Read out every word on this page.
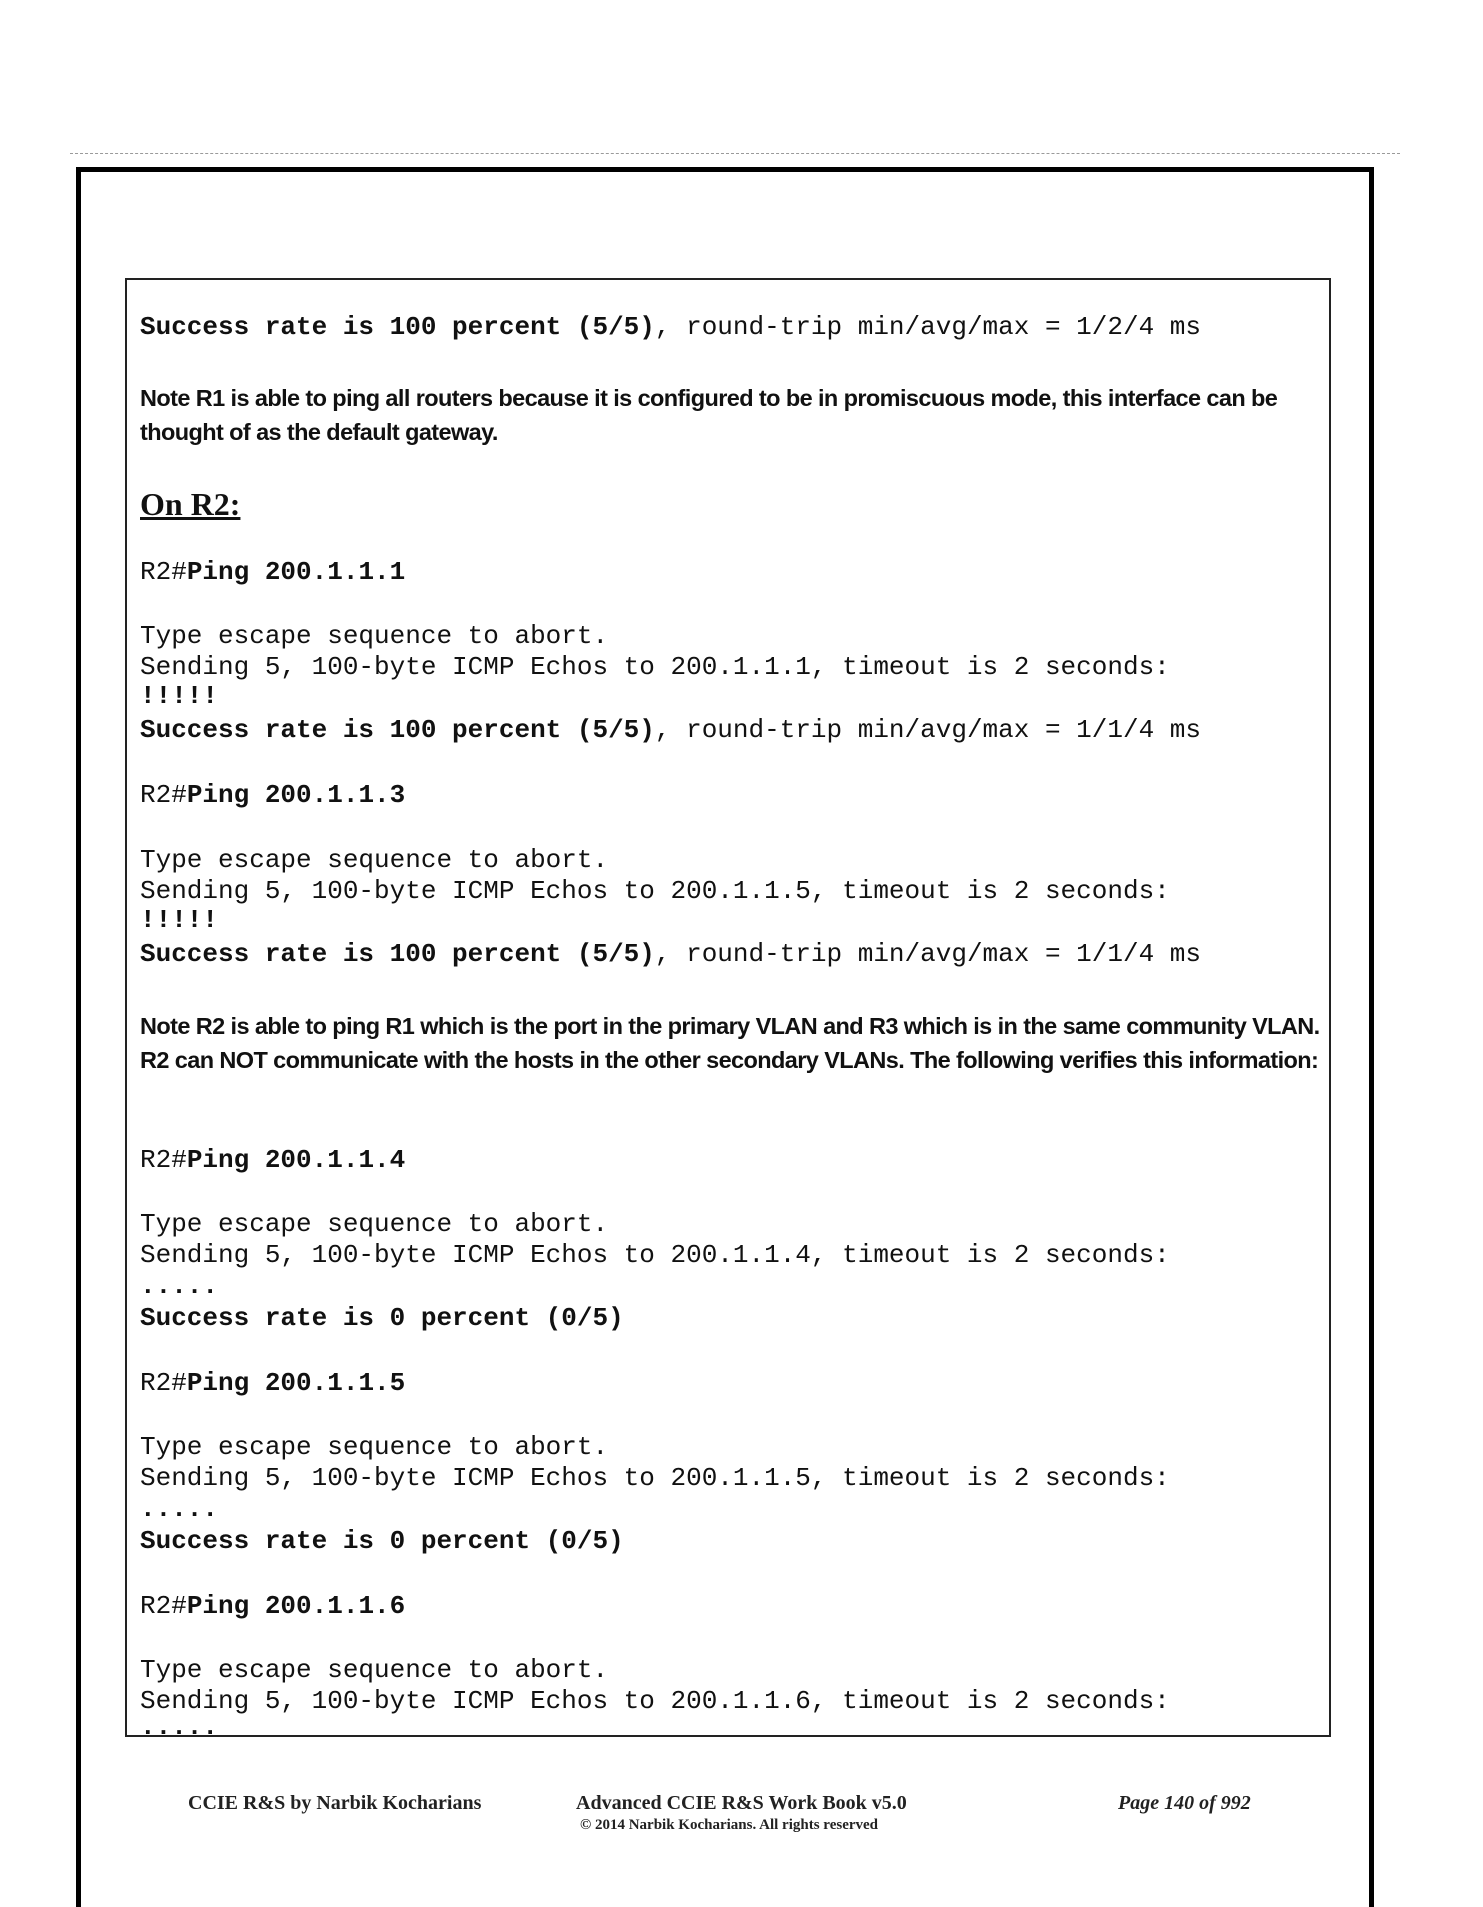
Success rate is 100 percent (5/5), round-trip min/avg/max = 1/2/4 ms
Note R1 is able to ping all routers because it is configured to be in promiscuous mode, this interface can be thought of as the default gateway.
On R2:
R2#Ping 200.1.1.1
Type escape sequence to abort.
Sending 5, 100-byte ICMP Echos to 200.1.1.1, timeout is 2 seconds:
!!!!!
Success rate is 100 percent (5/5), round-trip min/avg/max = 1/1/4 ms
R2#Ping 200.1.1.3
Type escape sequence to abort.
Sending 5, 100-byte ICMP Echos to 200.1.1.5, timeout is 2 seconds:
!!!!!
Success rate is 100 percent (5/5), round-trip min/avg/max = 1/1/4 ms
Note R2 is able to ping R1 which is the port in the primary VLAN and R3 which is in the same community VLAN. R2 can NOT communicate with the hosts in the other secondary VLANs. The following verifies this information:
R2#Ping 200.1.1.4
Type escape sequence to abort.
Sending 5, 100-byte ICMP Echos to 200.1.1.4, timeout is 2 seconds:
.....
Success rate is 0 percent (0/5)
R2#Ping 200.1.1.5
Type escape sequence to abort.
Sending 5, 100-byte ICMP Echos to 200.1.1.5, timeout is 2 seconds:
.....
Success rate is 0 percent (0/5)
R2#Ping 200.1.1.6
Type escape sequence to abort.
Sending 5, 100-byte ICMP Echos to 200.1.1.6, timeout is 2 seconds:
.....
CCIE R&S by Narbik Kocharians	Advanced CCIE R&S Work Book v5.0
© 2014 Narbik Kocharians. All rights reserved
Page 140 of 992
